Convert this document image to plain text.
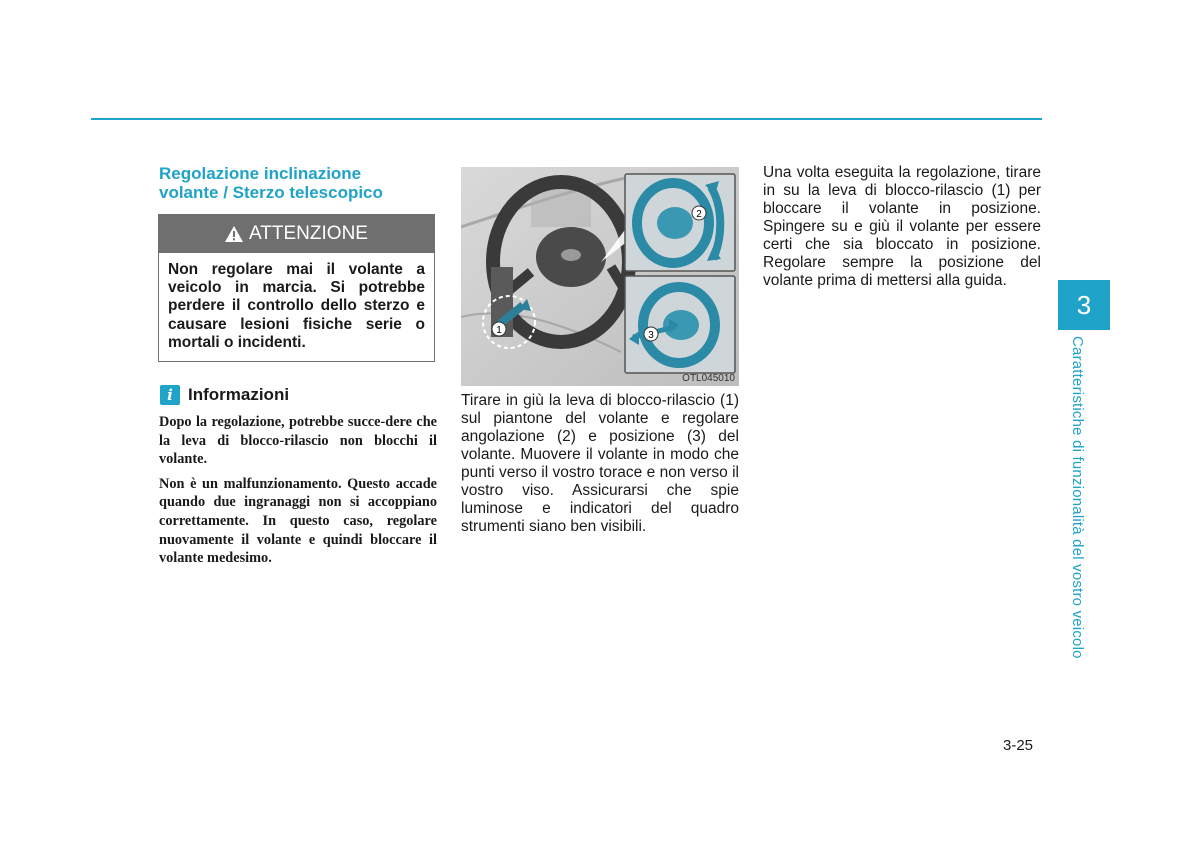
Regolazione inclinazione
volante / Sterzo telescopico
ATTENZIONE
Non regolare mai il volante a veicolo in marcia. Si potrebbe perdere il controllo dello sterzo e causare lesioni fisiche serie o mortali o incidenti.
i Informazioni

Dopo la regolazione, potrebbe succe-dere che la leva di blocco-rilascio non blocchi il volante.

Non è un malfunzionamento. Questo accade quando due ingranaggi non si accoppiano correttamente. In questo caso, regolare nuovamente il volante e quindi bloccare il volante medesimo.

1
2
3
OTL045010
Tirare in giù la leva di blocco-rilascio (1) sul piantone del volante e regolare angolazione (2) e posizione (3) del volante. Muovere il volante in modo che punti verso il vostro torace e non verso il vostro viso. Assicurarsi che spie luminose e indicatori del quadro strumenti siano ben visibili.
Una volta eseguita la regolazione, tirare in su la leva di blocco-rilascio (1) per bloccare il volante in posizione. Spingere su e giù il volante per essere certi che sia bloccato in posizione. Regolare sempre la posizione del volante prima di mettersi alla guida.
3
Caratteristiche di funzionalità del vostro veicolo
3-25
